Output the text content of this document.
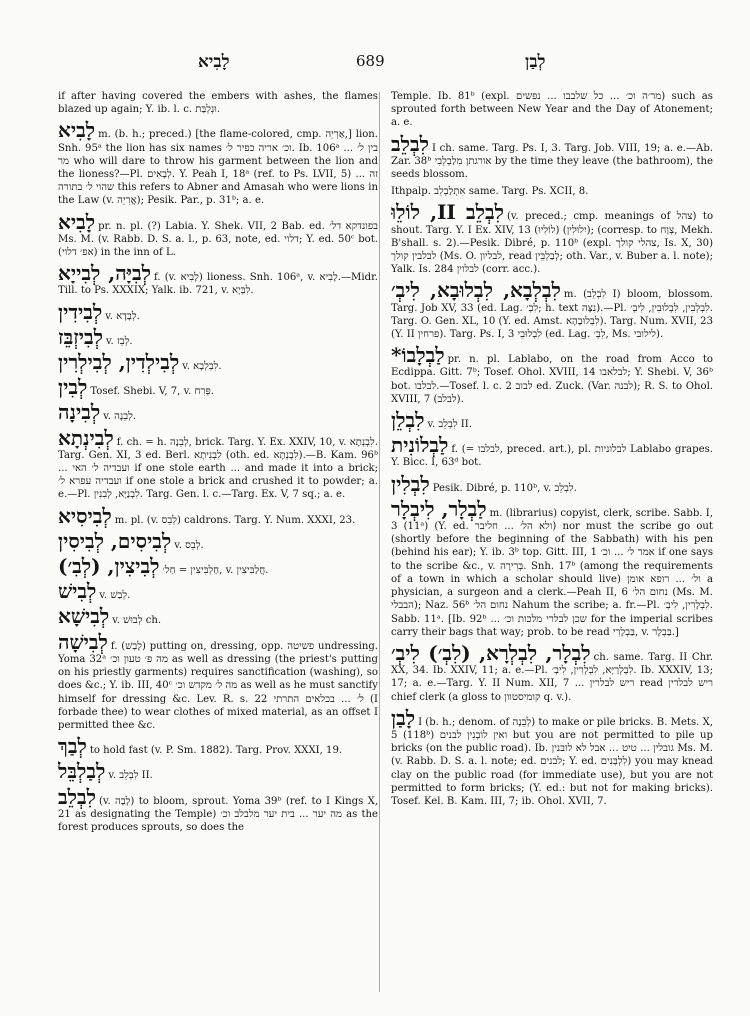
לָבִיא	689	לְבַן

if after having covered the embers with ashes, the flames blazed up again; Y. ib. l. c. וּנְלְבַּת.

לָבִיא m. (b. h.; preced.) [the flame-colored, cmp. אַרְיֵה,] lion. Snh. 95ᵃ the lion has six names וכ׳ אריה כפיר ל׳. Ib. 106ᵃ בין ל׳ ... מר who will dare to throw his garment between the lion and the lioness?—Pl. לְבָאִים. Y. Peah I, 18ᵃ (ref. to Ps. LVII, 5) זה ... שהוי ל׳ בתורה this refers to Abner and Amasah who were lions in the Law (v. אֲרִיֵה); Pesik. Par., p. 31ᵇ; a. e.

לָבִיא pr. n. pl. (?) Labia. Y. Shek. VII, 2 Bab. ed. בפונדקא דל׳ Ms. M. (v. Rabb. D. S. a. l., p. 63, note, ed. דלוי; Y. ed. 50ᶜ bot. (אפ׳ דלוי) in the inn of L.

לְבִיָּה, לְבִייָא f. (v. לָבִיא) lioness. Snh. 106ᵃ, v. לָבִיא.—Midr. Till. to Ps. XXXIX; Yalk. ib. 721, v. לִבְּיָא.

לְבִידִין v. לְבָדָא.

לְבִיזְבֵּז v. לְבֵז.

לְבִילְדִין, לְבִילְרִין v. לִבְלְבָא.

לְבִין Tosef. Shebi. V, 7, v. פְּרִח.

לְבִינָה v. לְבֵנָה.

לְבִינְתָא f. ch. = h. לְבֵנָה, brick. Targ. Y. Ex. XXIV, 10, v. לִבְנְתָא. Targ. Gen. XI, 3 ed. Berl. לִבְנִיתָא (oth. ed. לִבְנְתָא).—B. Kam. 96ᵇ ... ועבדיה ל׳ האי if one stole earth ... and made it into a brick; ועבדיה עפרא ל׳ if one stole a brick and crushed it to powder; a. e.—Pl. לִבְנַיָּא, לְבִנִין. Targ. Gen. l. c.—Targ. Ex. V, 7 sq.; a. e.

לְבִיסִיא m. pl. (v. לְבֵס) caldrons. Targ. Y. Num. XXXI, 23.

לְבִיסִים, לְבִיסִין v. לְבֵס.

לְבִיצִין, (לְבִ׳) חַלְבִּיצִין = חַל׳, v. חֲלַבִּיצִין.

לְבִישׁ v. לְבַשׁ.

לְבִישָׁא v. לְבוּשׁ ch.

לְבִישָׁה f. (לָבַשׁ) putting on, dressing, opp. פשיטה undressing. Yoma 32ᵃ מה פ׳ טעון וכ׳ as well as dressing (the priest's putting on his priestly garments) requires sanctification (washing), so does &c.; Y. ib. III, 40ᶜ מה ל׳ מקדש וכ׳ as well as he must sanctify himself for dressing &c. Lev. R. s. 22 ל׳ ... בכלאים התרתי (I forbade thee) to wear clothes of mixed material, as an offset I permitted thee &c.

לְבַךְ to hold fast (v. P. Sm. 1882). Targ. Prov. XXXI, 19.

לְבַלְבֵּל v. לִבְלֵב II.

לִבְלֵב (v. לָבָה) to bloom, sprout. Yoma 39ᵇ (ref. to I Kings X, 21 as designating the Temple) מה יער ... בית יער מלבלב וכ׳ as the forest produces sprouts, so does the

Temple. Ib. 81ᵇ (expl. מר׳ה וכ׳ ... כל שלבבו ... נפשים) such as sprouted forth between New Year and the Day of Atonement; a. e.

לִבְלֵב I ch. same. Targ. Ps. I, 3. Targ. Job. VIII, 19; a. e.—Ab. Zar. 38ᵇ אורגתן מִלַבְלְבִי by the time they leave (the bathroom), the seeds blossom.

Ithpalp. אִתְלַבְלֵב same. Targ. Ps. XCII, 8.

לִבְלֵב II, לוֹלֵוּ (v. preced.; cmp. meanings of צהל) to shout. Targ. Y. I Ex. XIV, 13 (לוֹלִיוּ) (יִלוּלִין); (corresp. to צְוַח, Mekh. B'shall. s. 2).—Pesik. Dibré, p. 110ᵇ (expl. צהלי קולך, Is. X, 30) לבלבין קולך (Ms. O. לבליון, read לְבַלְבֵּין; oth. Var., v. Buber a. l. note); Yalk. Is. 284 לבלוין (corr. acc.).

לִבְלְבָא, לִבְלוּבָא, לִיבְ׳ m. (לִבְלֵב I) bloom, blossom. Targ. Job XV, 33 (ed. Lag. לִבְ׳; h. text נִצָּה).—Pl. לִבְלְבִין, לִבְלוּבִין, לִיבְ׳. Targ. O. Gen. XL, 10 (Y. ed. Amst. לִבְלוּבָהָא). Targ. Num. XVII, 23 (Y. II פרחין). Targ. Ps. I, 3 לִבְלוּבֵי (ed. Lag. לִבְ׳, Ms. לילובי).

לַבְלָבוֹ* pr. n. pl. Lablabo, on the road from Acco to Ecdippa. Gitt. 7ᵇ; Tosef. Ohol. XVIII, 14 לבלאבו; Y. Shebi. V, 36ᵇ bot. לבלבו.—Tosef. l. c. 2 לבוב ed. Zuck. (Var. לבנה); R. S. to Ohol. XVIII, 7 (לבלב).

לִבְלֵן v. לִבְלֵב II.

לַבְלוֹנִית f. (= לבלבו, preced. art.), pl. לבלוניות Lablabo grapes. Y. Bicc. I, 63ᵈ bot.

לִבְלִין Pesik. Dibré, p. 110ᵇ, v. לִבְלֵב.

לַבְלָר, לִיבְלָר m. (librarius) copyist, clerk, scribe. Sabb. I, 3 (11ᵃ) (Y. ed. ולא הל׳ ... חליבר) nor must the scribe go out (shortly before the beginning of the Sabbath) with his pen (behind his ear); Y. ib. 3ᵇ top. Gitt. III, 1 אמר ל׳ ... וכ׳ if one says to the scribe &c., v. בְּרִירָה. Snh. 17ᵇ (among the requirements of a town in which a scholar should live) ול׳ ... רופא אומן a physician, a surgeon and a clerk.—Peah II, 6 נחום הל׳ (Ms. M. הבבלי); Naz. 56ᵇ נחום הל׳ Nahum the scribe; a. fr.—Pl. לִבְלָרִין, לִיבְ׳. Sabb. 11ᵃ. [Ib. 92ᵇ ... שכן לבלרי מלכות וכ׳ for the imperial scribes carry their bags that way; prob. to be read בַּבְלָרִי, v. בַּבְלָר.]

לִבְלָר, לִבְלְרָא, (לִבְ׳) לִיבְ׳ ch. same. Targ. II Chr. XX, 34. Ib. XXIV, 11; a. e.—Pl. לִבְלְרַיָּא, לִבְלְרִין, לִיבְ׳. Ib. XXXIV, 13; 17; a. e.—Targ. Y. II Num. XII, 7 ... ריש לבלרין read ריש לבלרין chief clerk (a gloss to קומיסטוון q. v.).

לָבַן I (b. h.; denom. of לְבֵנָה) to make or pile bricks. B. Mets. X, 5 (118ᵇ) ואין לוֹבְנִין לבנים but you are not permitted to pile up bricks (on the public road). Ib. גובלין ... טיט ... אבל לא לובנין Ms. M. (v. Rabb. D. S. a. l. note; ed. לבנים; Y. ed. לִלְבְּנִים) you may knead clay on the public road (for immediate use), but you are not permitted to form bricks; (Y. ed.: but not for making bricks). Tosef. Kel. B. Kam. III, 7; ib. Ohol. XVII, 7.
